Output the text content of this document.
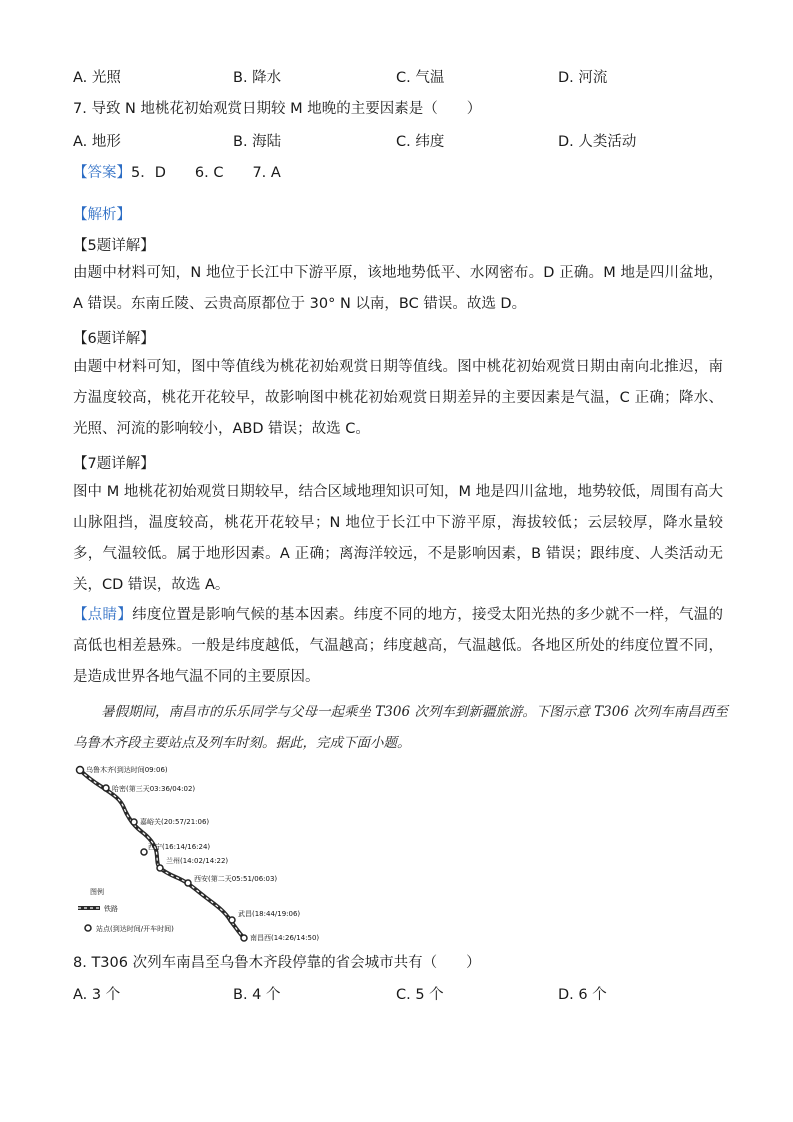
A. 光照	B. 降水	C. 气温	D. 河流
7. 导致 N 地桃花初始观赏日期较 M 地晚的主要因素是（　　）
A. 地形	B. 海陆	C. 纬度	D. 人类活动
【答案】5．D　　6. C　　7. A
【解析】
【5题详解】
由题中材料可知，N 地位于长江中下游平原，该地地势低平、水网密布。D 正确。M 地是四川盆地，A 错误。东南丘陵、云贵高原都位于 30° N 以南，BC 错误。故选 D。
【6题详解】
由题中材料可知，图中等值线为桃花初始观赏日期等值线。图中桃花初始观赏日期由南向北推迟，南方温度较高，桃花开花较早，故影响图中桃花初始观赏日期差异的主要因素是气温，C 正确；降水、光照、河流的影响较小，ABD 错误；故选 C。
【7题详解】
图中 M 地桃花初始观赏日期较早，结合区域地理知识可知，M 地是四川盆地，地势较低，周围有高大山脉阻挡，温度较高，桃花开花较早；N 地位于长江中下游平原，海拔较低；云层较厚，降水量较多，气温较低。属于地形因素。A 正确；离海洋较远，不是影响因素，B 错误；跟纬度、人类活动无关，CD 错误，故选 A。
【点睛】纬度位置是影响气候的基本因素。纬度不同的地方，接受太阳光热的多少就不一样，气温的高低也相差悬殊。一般是纬度越低，气温越高；纬度越高，气温越低。各地区所处的纬度位置不同，是造成世界各地气温不同的主要原因。
暑假期间，南昌市的乐乐同学与父母一起乘坐 T306 次列车到新疆旅游。下图示意 T306 次列车南昌西至乌鲁木齐段主要站点及列车时刻。据此，完成下面小题。
乌鲁木齐(到达时间09:06)
哈密(第三天03:36/04:02)
嘉峪关(20:57/21:06)
西宁(16:14/16:24)
兰州(14:02/14:22)
西安(第二天05:51/06:03)
武昌(18:44/19:06)
南昌西(14:26/14:50)
图例
铁路
站点(到达时间/开车时间)
8. T306 次列车南昌至乌鲁木齐段停靠的省会城市共有（　　）
A. 3 个	B. 4 个	C. 5 个	D. 6 个
